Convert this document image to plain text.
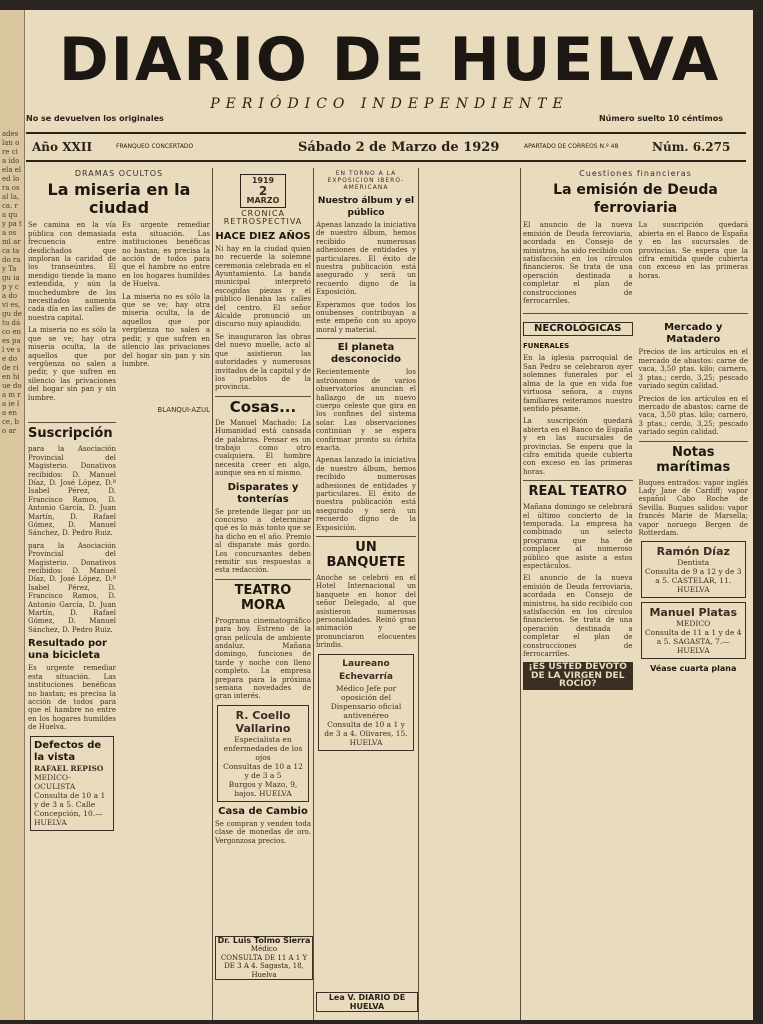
ades lan ore cia ido ela el ed lo ra os al la, ca. ra qu y pa ta os ml ar ca ta do ra y Ta gu ia p y ca do vi es, gu de tu dá co en es pal ve se do de ri en hi ue do a m ra ie la en ce, bo ar
DIARIO DE HUELVA
PERIÓDICO INDEPENDIENTE
No se devuelven los originales	Número suelto 10 céntimos
Año XXII	FRANQUEO CONCERTADO	Sábado 2 de Marzo de 1929	APARTADO DE CORREOS N.º 48	Núm. 6.275
DRAMAS OCULTOS
La miseria en la ciudad

Se camina en la vía pública con demasiada frecuencia entre desdichados que imploran la caridad de los transeúntes. El mendigo tiende la mano extendida, y aún la muchedumbre de los necesitados aumenta cada día en las calles de nuestra capital.

La miseria no es sólo la que se ve; hay otra miseria oculta, la de aquellos que por vergüenza no salen a pedir, y que sufren en silencio las privaciones del hogar sin pan y sin lumbre.

Es urgente remediar esta situación. Las instituciones benéficas no bastan; es precisa la acción de todos para que el hambre no entre en los hogares humildes de Huelva.

La miseria no es sólo la que se ve; hay otra miseria oculta, la de aquellos que por vergüenza no salen a pedir, y que sufren en silencio las privaciones del hogar sin pan y sin lumbre.

BLANQUI-AZUL
Suscripción

para la Asociación Provincial del Magisterio. Donativos recibidos: D. Manuel Díaz, D. José López, D.ª Isabel Pérez, D. Francisco Ramos, D. Antonio García, D. Juan Martín, D. Rafael Gómez, D. Manuel Sánchez, D. Pedro Ruiz.

para la Asociación Provincial del Magisterio. Donativos recibidos: D. Manuel Díaz, D. José López, D.ª Isabel Pérez, D. Francisco Ramos, D. Antonio García, D. Juan Martín, D. Rafael Gómez, D. Manuel Sánchez, D. Pedro Ruiz.

Resultado por una bicicleta

Es urgente remediar esta situación. Las instituciones benéficas no bastan; es precisa la acción de todos para que el hambre no entre en los hogares humildes de Huelva.

Defectos de la vista
RAFAEL REPISO
MEDICO-OCULISTA
Consulta de 10 a 1 y de 3 a 5. Calle Concepción, 10.—HUELVA
1919
2
MARZO
CRONICA RETROSPECTIVA
HACE DIEZ AÑOS

Ni hay en la ciudad quien no recuerde la solemne ceremonia celebrada en el Ayuntamiento. La banda municipal interpretó escogidas piezas y el público llenaba las calles del centro. El señor Alcalde pronunció un discurso muy aplaudido.

Se inauguraron las obras del nuevo muelle, acto al que asistieron las autoridades y numerosos invitados de la capital y de los pueblos de la provincia.

Cosas...

De Manuel Machado: La Humanidad está cansada de palabras. Pensar es un trabajo como otro cualquiera. El hombre necesita creer en algo, aunque sea en sí mismo.

Disparates y tonterías

Se pretende llegar por un concurso a determinar qué es lo más tonto que se ha dicho en el año. Premio al disparate más gordo. Los concursantes deben remitir sus respuestas a esta redacción.

TEATRO MORA

Programa cinematográfico para hoy. Estreno de la gran película de ambiente andaluz. Mañana domingo, funciones de tarde y noche con lleno completo. La empresa prepara para la próxima semana novedades de gran interés.

R. Coello Vallarino
Especialista en enfermedades de los ojos
Consultas de 10 a 12 y de 3 a 5
Burgos y Mazo, 9, bajos. HUELVA
Casa de Cambio

Se compran y venden toda clase de monedas de oro. Vergonzosa precios.

EN TORNO A LA EXPOSICION IBERO-AMERICANA
Nuestro álbum y el público

Apenas lanzado la iniciativa de nuestro álbum, hemos recibido numerosas adhesiones de entidades y particulares. El éxito de nuestra publicación está asegurado y será un recuerdo digno de la Exposición.

Esperamos que todos los onubenses contribuyan a este empeño con su apoyo moral y material.

El planeta desconocido

Recientemente los astrónomos de varios observatorios anuncian el hallazgo de un nuevo cuerpo celeste que gira en los confines del sistema solar. Las observaciones continúan y se espera confirmar pronto su órbita exacta.

Apenas lanzado la iniciativa de nuestro álbum, hemos recibido numerosas adhesiones de entidades y particulares. El éxito de nuestra publicación está asegurado y será un recuerdo digno de la Exposición.

UN BANQUETE

Anoche se celebró en el Hotel Internacional un banquete en honor del señor Delegado, al que asistieron numerosas personalidades. Reinó gran animación y se pronunciaron elocuentes brindis.

Laureano Echevarría
Médico Jefe por oposición del Dispensario oficial antivenéreo
Consulta de 10 a 1 y de 3 a 4. Olivares, 15. HUELVA
Cuestiones financieras
La emisión de Deuda ferroviaria

El anuncio de la nueva emisión de Deuda ferroviaria, acordada en Consejo de ministros, ha sido recibido con satisfacción en los círculos financieros. Se trata de una operación destinada a completar el plan de construcciones de ferrocarriles.

La suscripción quedará abierta en el Banco de España y en las sucursales de provincias. Se espera que la cifra emitida quede cubierta con exceso en las primeras horas.

NECROLÓGICAS
FUNERALES

En la iglesia parroquial de San Pedro se celebraron ayer solemnes funerales por el alma de la que en vida fue virtuosa señora, a cuyos familiares reiteramos nuestro sentido pésame.

La suscripción quedará abierta en el Banco de España y en las sucursales de provincias. Se espera que la cifra emitida quede cubierta con exceso en las primeras horas.

REAL TEATRO

Mañana domingo se celebrará el último concierto de la temporada. La empresa ha combinado un selecto programa que ha de complacer al numeroso público que asiste a estos espectáculos.

El anuncio de la nueva emisión de Deuda ferroviaria, acordada en Consejo de ministros, ha sido recibido con satisfacción en los círculos financieros. Se trata de una operación destinada a completar el plan de construcciones de ferrocarriles.

¡ES USTED DEVOTO DE LA VIRGEN DEL ROCÍO?
Mercado y Matadero

Precios de los artículos en el mercado de abastos: carne de vaca, 3,50 ptas. kilo; carnero, 3 ptas.; cerdo, 3,25; pescado variado según calidad.

Precios de los artículos en el mercado de abastos: carne de vaca, 3,50 ptas. kilo; carnero, 3 ptas.; cerdo, 3,25; pescado variado según calidad.

Notas marítimas

Buques entrados: vapor inglés Lady Jane de Cardiff; vapor español Cabo Roche de Sevilla. Buques salidos: vapor francés Marie de Marsella; vapor noruego Bergen de Rotterdam.

Ramón Díaz
Dentista
Consulta de 9 a 12 y de 3 a 5. CASTELAR, 11. HUELVA
Manuel Platas
MEDICO
Consulta de 11 a 1 y de 4 a 5. SAGASTA, 7.—HUELVA
Véase cuarta plana
Lea V. DIARIO DE HUELVA
Dr. Luis Tolmo Sierra
Médico
CONSULTA DE 11 A 1 Y DE 3 A 4. Sagasta, 18, Huelva
